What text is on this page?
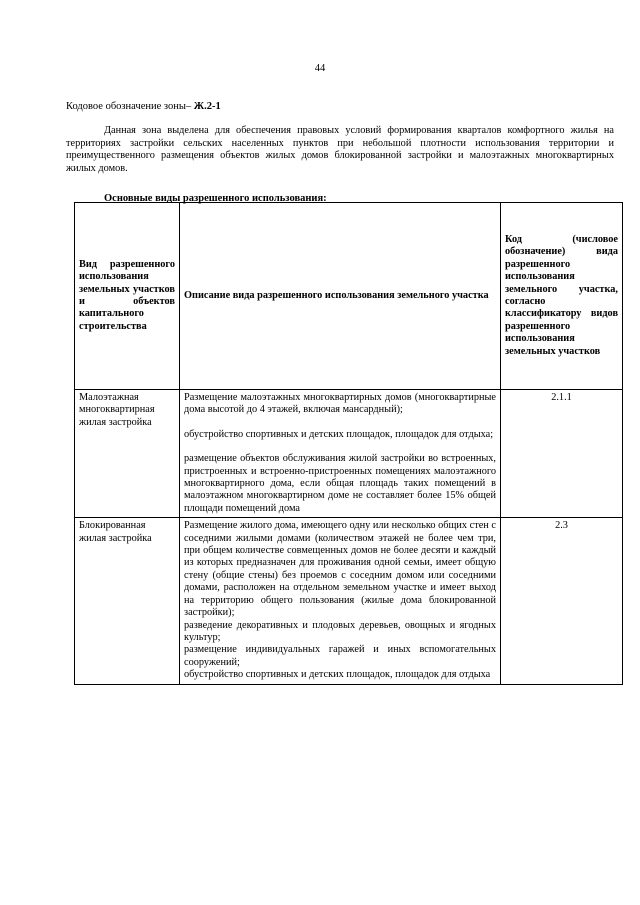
44
Кодовое обозначение зоны– Ж.2-1

Данная зона выделена для обеспечения правовых условий формирования кварталов комфортного жилья на территориях застройки сельских населенных пунктов при небольшой плотности использования территории и преимущественного размещения объектов жилых домов блокированной застройки и малоэтажных многоквартирных жилых домов.

Основные виды разрешенного использования:
Вид разрешенного использования земельных участков и объектов капитального строительства	Описание вида разрешенного использования земельного участка	Код (числовое обозначение) вида разрешенного использования земельного участка, согласно классификатору видов разрешенного использования земельных участков
Малоэтажная многоквартирная жилая застройка	Размещение малоэтажных многоквартирных домов (многоквартирные дома высотой до 4 этажей, включая мансардный);

обустройство спортивных и детских площадок, площадок для отдыха;

размещение объектов обслуживания жилой застройки во встроенных, пристроенных и встроенно-пристроенных помещениях малоэтажного многоквартирного дома, если общая площадь таких помещений в малоэтажном многоквартирном доме не составляет более 15% общей площади помещений дома	2.1.1
Блокированная жилая застройка	Размещение жилого дома, имеющего одну или несколько общих стен с соседними жилыми домами (количеством этажей не более чем три, при общем количестве совмещенных домов не более десяти и каждый из которых предназначен для проживания одной семьи, имеет общую стену (общие стены) без проемов с соседним домом или соседними домами, расположен на отдельном земельном участке и имеет выход на территорию общего пользования (жилые дома блокированной застройки);
разведение декоративных и плодовых деревьев, овощных и ягодных культур;
размещение индивидуальных гаражей и иных вспомогательных сооружений;
обустройство спортивных и детских площадок, площадок для отдыха	2.3
